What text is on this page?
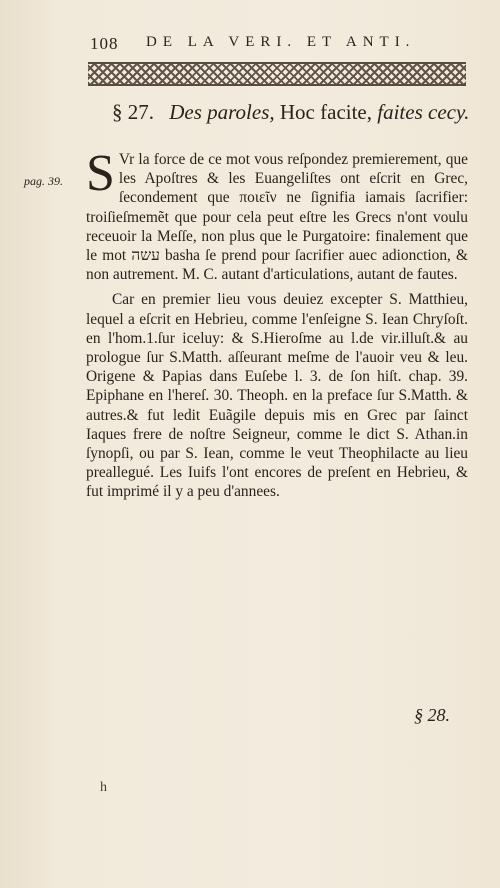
108 DE LA VERI. ET ANTI.
§ 27. Des paroles, Hoc facite, faites cecy.
pag. 39. S Vr la force de ce mot vous reſpondez premierement, que les Apoſtres & les Euangeliſtes ont eſcrit en Grec, ſecondement que ποιεῖν ne ſignifia iamais ſacrifier: troiſieſmemẽt que pour cela peut eſtre les Grecs n'ont voulu receuoir la Meſſe, non plus que le Purgatoire: finalement que le mot עשה basha ſe prend pour ſacrifier auec adionction, & non autrement. M. C. autant d'articulations, autant de fautes.

Car en premier lieu vous deuiez excepter S. Matthieu, lequel a eſcrit en Hebrieu, comme l'enſeigne S. Iean Chryſoſt. en l'hom.1.ſur iceluy: & S.Hieroſme au l.de vir.illuſt.& au prologue ſur S.Matth. aſſeurant meſme de l'auoir veu & leu. Origene & Papias dans Euſebe l. 3. de ſon hiſt. chap. 39. Epiphane en l'hereſ. 30. Theoph. en la preface ſur S.Matth. & autres.& fut ledit Euãgile depuis mis en Grec par ſainct Iaques frere de noſtre Seigneur, comme le dict S. Athan.in ſynopſi, ou par S. Iean, comme le veut Theophilacte au lieu preallegué. Les Iuifs l'ont encores de preſent en Hebrieu, & fut imprimé il y a peu d'annees.

§ 28.
h
